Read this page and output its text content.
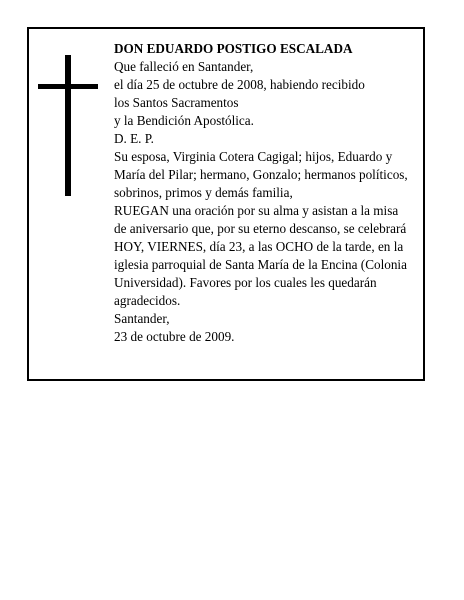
DON EDUARDO POSTIGO ESCALADA
Que falleció en Santander,
el día 25 de octubre de 2008, habiendo recibido
los Santos Sacramentos
y la Bendición Apostólica.
D. E. P.
Su esposa, Virginia Cotera Cagigal; hijos, Eduardo y
María del Pilar; hermano, Gonzalo; hermanos políticos,
sobrinos, primos y demás familia,
RUEGAN una oración por su alma y asistan a la misa
de aniversario que, por su eterno descanso, se celebrará
HOY, VIERNES, día 23, a las OCHO de la tarde, en la
iglesia parroquial de Santa María de la Encina (Colonia
Universidad). Favores por los cuales les quedarán
agradecidos.
Santander,
23 de octubre de 2009.
